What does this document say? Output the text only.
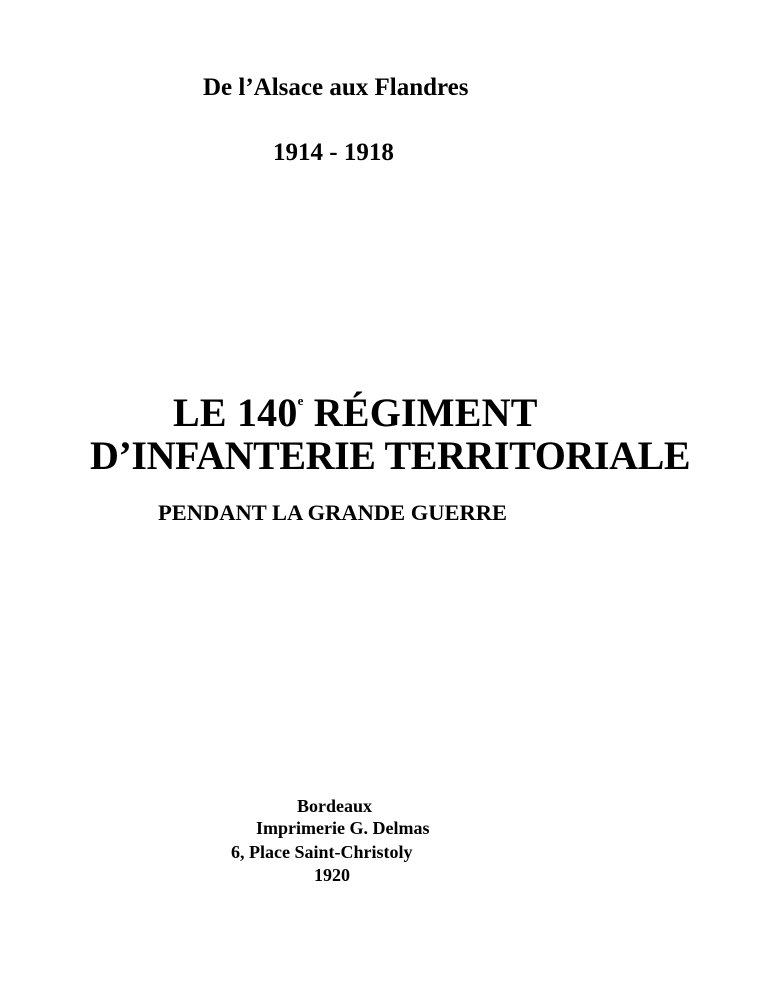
De l’Alsace aux Flandres

1914 - 1918

LE 140e RÉGIMENT
D’INFANTERIE TERRITORIALE
PENDANT LA GRANDE GUERRE

Bordeaux

Imprimerie G. Delmas

6, Place Saint-Christoly

1920
